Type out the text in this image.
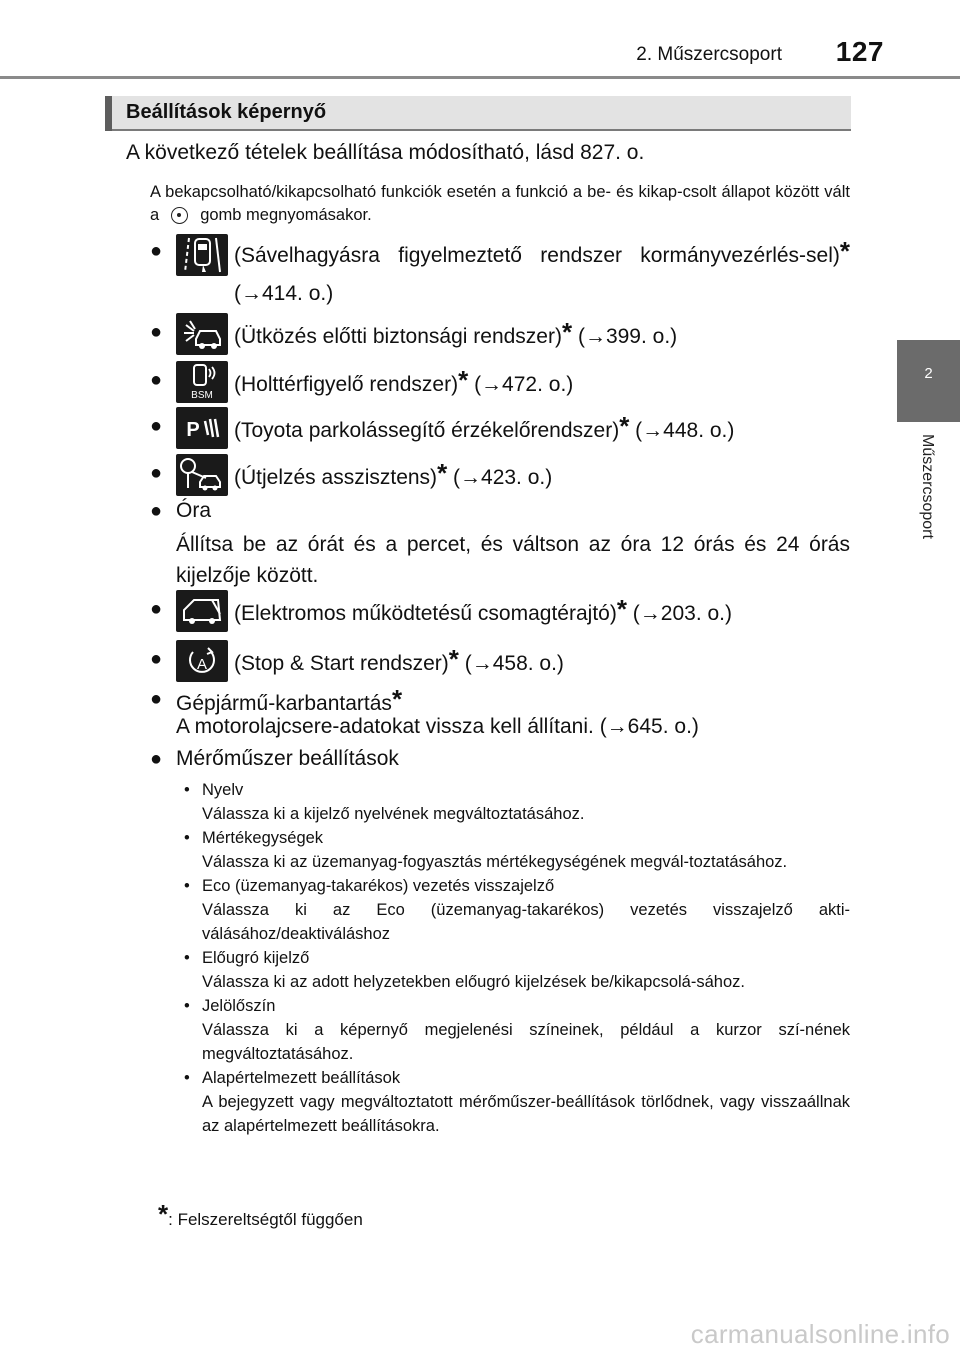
2. Műszercsoport 127
2
Műszercsoport
Beállítások képernyő
A következő tételek beállítása módosítható, lásd 827. o.
A bekapcsolható/kikapcsolható funkciók esetén a funkció a be- és kikap-csolt állapot között vált a gomb megnyomásakor.
●	(Sávelhagyásra figyelmeztető rendszer kormányvezérlés-sel)* (→414. o.)
●	(Ütközés előtti biztonsági rendszer)* (→399. o.)
●
BSM (Holttérfigyelő rendszer)* (→472. o.)
● P (Toyota parkolássegítő érzékelőrendszer)* (→448. o.)
●	(Útjelzés asszisztens)* (→423. o.)
● Óra
Állítsa be az órát és a percet, és váltson az óra 12 órás és 24 órás kijelzője között.
●	(Elektromos működtetésű csomagtérajtó)* (→203. o.)
● A (Stop & Start rendszer)* (→458. o.)
● Gépjármű-karbantartás*
A motorolajcsere-adatokat vissza kell állítani. (→645. o.)
● Mérőműszer beállítások
• Nyelv
Válassza ki a kijelző nyelvének megváltoztatásához.
• Mértékegységek
Válassza ki az üzemanyag-fogyasztás mértékegységének megvál-toztatásához.
• Eco (üzemanyag-takarékos) vezetés visszajelző
Válassza ki az Eco (üzemanyag-takarékos) vezetés visszajelző akti-válásához/deaktiváláshoz
• Előugró kijelző
Válassza ki az adott helyzetekben előugró kijelzések be/kikapcsolá-sához.
• Jelölőszín
Válassza ki a képernyő megjelenési színeinek, például a kurzor szí-nének megváltoztatásához.
• Alapértelmezett beállítások
A bejegyzett vagy megváltoztatott mérőműszer-beállítások törlődnek, vagy visszaállnak az alapértelmezett beállításokra.
*: Felszereltségtől függően
carmanualsonline.info
